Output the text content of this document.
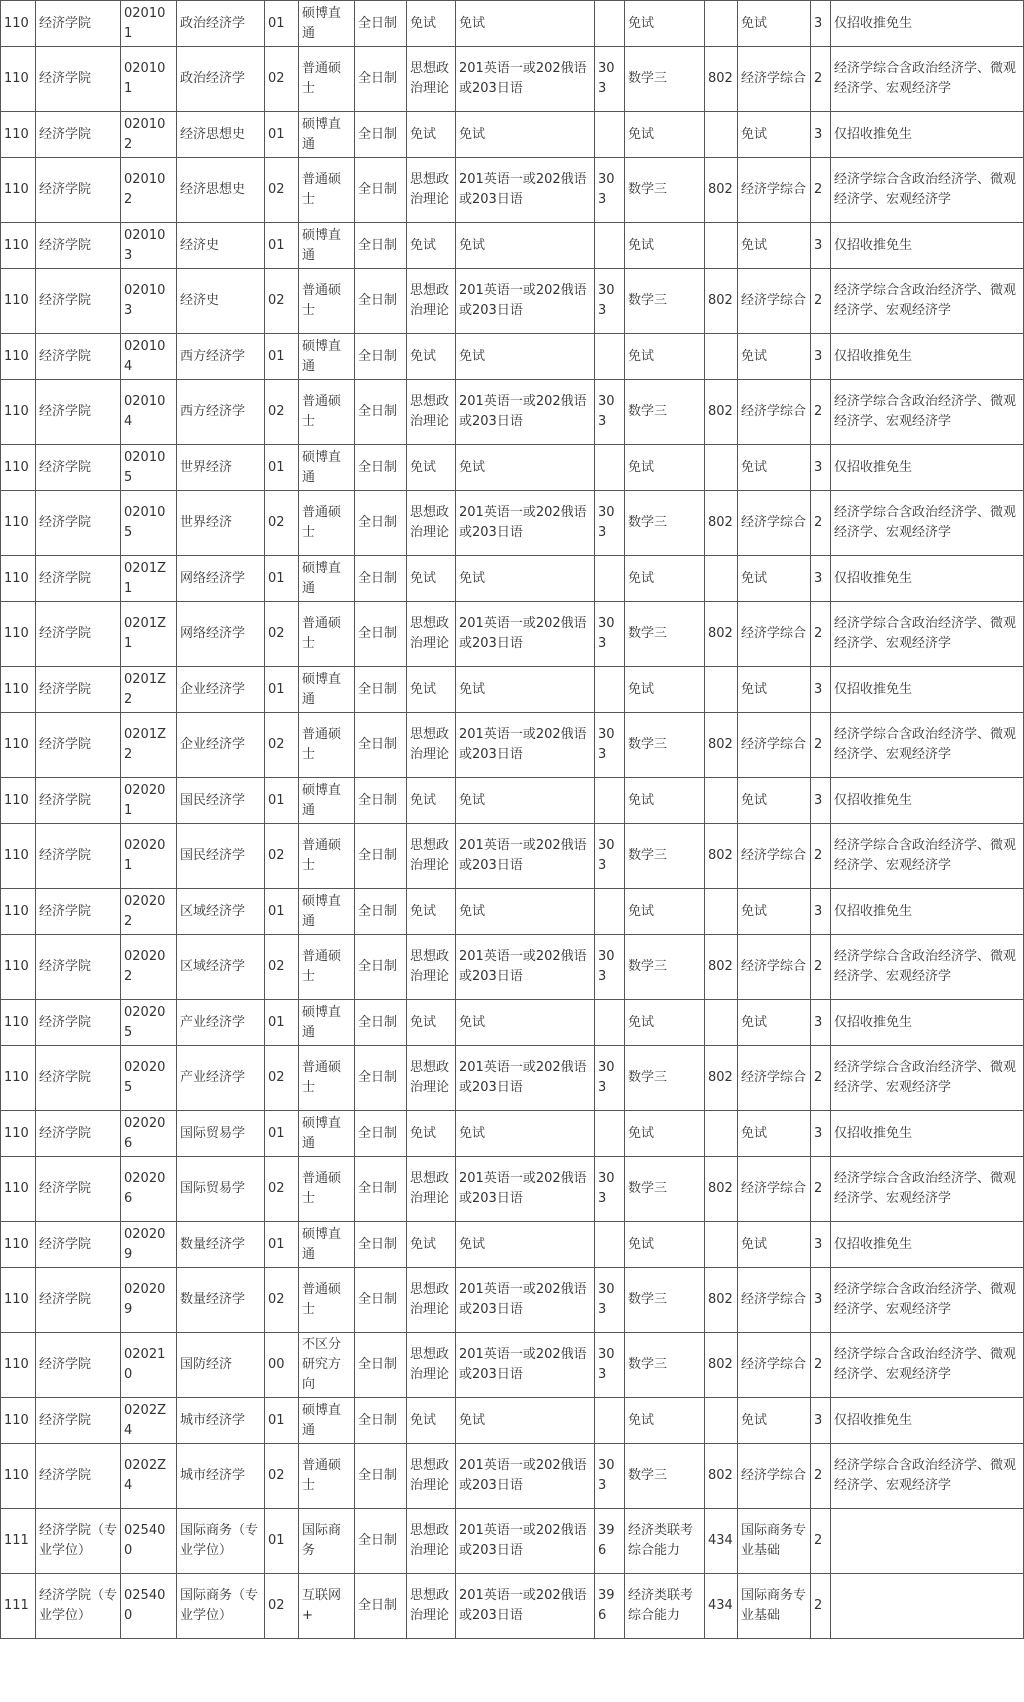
110	经济学院	020101	政治经济学	01	硕博直通	全日制	免试	免试		免试		免试	3	仅招收推免生
110	经济学院	020101	政治经济学	02	普通硕士	全日制	思想政治理论	201英语一或202俄语或203日语	303	数学三	802	经济学综合	2	经济学综合含政治经济学、微观经济学、宏观经济学
110	经济学院	020102	经济思想史	01	硕博直通	全日制	免试	免试		免试		免试	3	仅招收推免生
110	经济学院	020102	经济思想史	02	普通硕士	全日制	思想政治理论	201英语一或202俄语或203日语	303	数学三	802	经济学综合	2	经济学综合含政治经济学、微观经济学、宏观经济学
110	经济学院	020103	经济史	01	硕博直通	全日制	免试	免试		免试		免试	3	仅招收推免生
110	经济学院	020103	经济史	02	普通硕士	全日制	思想政治理论	201英语一或202俄语或203日语	303	数学三	802	经济学综合	2	经济学综合含政治经济学、微观经济学、宏观经济学
110	经济学院	020104	西方经济学	01	硕博直通	全日制	免试	免试		免试		免试	3	仅招收推免生
110	经济学院	020104	西方经济学	02	普通硕士	全日制	思想政治理论	201英语一或202俄语或203日语	303	数学三	802	经济学综合	2	经济学综合含政治经济学、微观经济学、宏观经济学
110	经济学院	020105	世界经济	01	硕博直通	全日制	免试	免试		免试		免试	3	仅招收推免生
110	经济学院	020105	世界经济	02	普通硕士	全日制	思想政治理论	201英语一或202俄语或203日语	303	数学三	802	经济学综合	2	经济学综合含政治经济学、微观经济学、宏观经济学
110	经济学院	0201Z1	网络经济学	01	硕博直通	全日制	免试	免试		免试		免试	3	仅招收推免生
110	经济学院	0201Z1	网络经济学	02	普通硕士	全日制	思想政治理论	201英语一或202俄语或203日语	303	数学三	802	经济学综合	2	经济学综合含政治经济学、微观经济学、宏观经济学
110	经济学院	0201Z2	企业经济学	01	硕博直通	全日制	免试	免试		免试		免试	3	仅招收推免生
110	经济学院	0201Z2	企业经济学	02	普通硕士	全日制	思想政治理论	201英语一或202俄语或203日语	303	数学三	802	经济学综合	2	经济学综合含政治经济学、微观经济学、宏观经济学
110	经济学院	020201	国民经济学	01	硕博直通	全日制	免试	免试		免试		免试	3	仅招收推免生
110	经济学院	020201	国民经济学	02	普通硕士	全日制	思想政治理论	201英语一或202俄语或203日语	303	数学三	802	经济学综合	2	经济学综合含政治经济学、微观经济学、宏观经济学
110	经济学院	020202	区域经济学	01	硕博直通	全日制	免试	免试		免试		免试	3	仅招收推免生
110	经济学院	020202	区域经济学	02	普通硕士	全日制	思想政治理论	201英语一或202俄语或203日语	303	数学三	802	经济学综合	2	经济学综合含政治经济学、微观经济学、宏观经济学
110	经济学院	020205	产业经济学	01	硕博直通	全日制	免试	免试		免试		免试	3	仅招收推免生
110	经济学院	020205	产业经济学	02	普通硕士	全日制	思想政治理论	201英语一或202俄语或203日语	303	数学三	802	经济学综合	2	经济学综合含政治经济学、微观经济学、宏观经济学
110	经济学院	020206	国际贸易学	01	硕博直通	全日制	免试	免试		免试		免试	3	仅招收推免生
110	经济学院	020206	国际贸易学	02	普通硕士	全日制	思想政治理论	201英语一或202俄语或203日语	303	数学三	802	经济学综合	2	经济学综合含政治经济学、微观经济学、宏观经济学
110	经济学院	020209	数量经济学	01	硕博直通	全日制	免试	免试		免试		免试	3	仅招收推免生
110	经济学院	020209	数量经济学	02	普通硕士	全日制	思想政治理论	201英语一或202俄语或203日语	303	数学三	802	经济学综合	3	经济学综合含政治经济学、微观经济学、宏观经济学
110	经济学院	020210	国防经济	00	不区分研究方向	全日制	思想政治理论	201英语一或202俄语或203日语	303	数学三	802	经济学综合	2	经济学综合含政治经济学、微观经济学、宏观经济学
110	经济学院	0202Z4	城市经济学	01	硕博直通	全日制	免试	免试		免试		免试	3	仅招收推免生
110	经济学院	0202Z4	城市经济学	02	普通硕士	全日制	思想政治理论	201英语一或202俄语或203日语	303	数学三	802	经济学综合	2	经济学综合含政治经济学、微观经济学、宏观经济学
111	经济学院（专业学位）	025400	国际商务（专业学位）	01	国际商务	全日制	思想政治理论	201英语一或202俄语或203日语	396	经济类联考综合能力	434	国际商务专业基础	2	
111	经济学院（专业学位）	025400	国际商务（专业学位）	02	互联网+	全日制	思想政治理论	201英语一或202俄语或203日语	396	经济类联考综合能力	434	国际商务专业基础	2	
